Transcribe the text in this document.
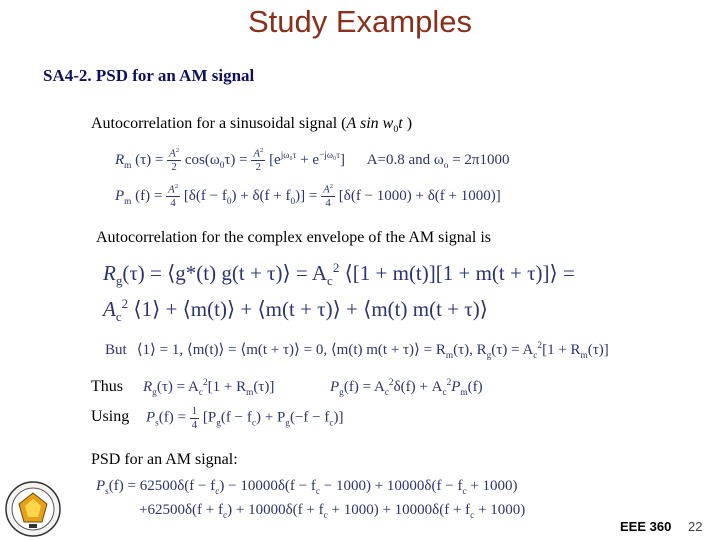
Study Examples
SA4-2. PSD for an AM signal
Autocorrelation for a sinusoidal signal (A $\sin w_0t$ )
$R_m$ $(\tau) = \frac{A^2}{2} \cos(\omega_0\tau) = \frac{A^2}{2} [e^{j\omega_0\tau} + e^{-j\omega_0\tau}]$ A=0.8 and $\omega_o = 2\pi 1000$
$P_m$ $(f) = \frac{A^2}{4} [\delta(f - f_0) + \delta(f + f_0)] = \frac{A^2}{4} [\delta(f - 1000) + \delta(f + 1000)]$
Autocorrelation for the complex envelope of the AM signal is
$R_g(\tau)$ = ⟨g*(t) g(t + τ)⟩ = $A_c^2$ ⟨[1 + m(t)][1 + m(t + τ)]⟩ =
$A_c^2$ ⟨1⟩ + ⟨m(t)⟩ + ⟨m(t + τ)⟩ + ⟨m(t) m(t + τ)⟩
But ⟨1⟩ = 1, ⟨m(t)⟩ = ⟨m(t + τ)⟩ = 0, ⟨m(t) m(t + τ)⟩ = $R_m(\tau)$, $R_g(\tau) = A_c^2[1 + R_m(\tau)]$
Thus $R_g(\tau) = A_c^2[1 + R_m(\tau)]$	$P_g(f) = A_c^2\delta(f) + A_c^2P_m(f)$
Using $P_s(f) = \frac{1}{4} [P_g(f - f_c) + P_g(-f - f_c)]$
PSD for an AM signal:
$P_s(f) = 62500\delta(f - f_c) - 10000\delta(f - f_c - 1000) + 10000\delta(f - f_c + 1000)$
$+62500\delta(f + f_c) + 10000\delta(f + f_c + 1000) + 10000\delta(f + f_c + 1000)$
EEE 360 22
